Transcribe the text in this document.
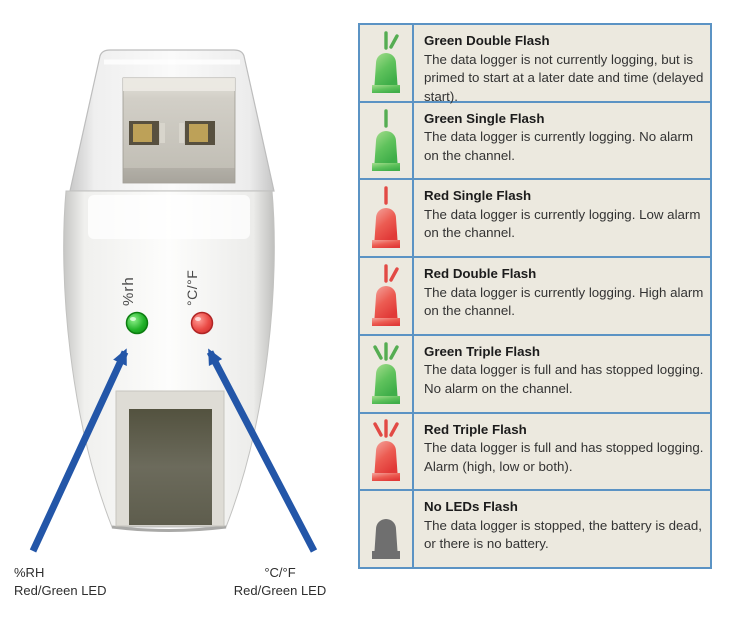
%rh	°C/°F
%RH
Red/Green LED
°C/°F
Red/Green LED
Green Double Flash
The data logger is not currently logging, but is primed to start at a later date and time (delayed start).
Green Single Flash
The data logger is currently logging. No alarm on the channel.
Red Single Flash
The data logger is currently logging. Low alarm on the channel.
Red Double Flash
The data logger is currently logging. High alarm on the channel.
Green Triple Flash
The data logger is full and has stopped logging. No alarm on the channel.
Red Triple Flash
The data logger is full and has stopped logging. Alarm (high, low or both).
No LEDs Flash
The data logger is stopped, the battery is dead, or there is no battery.
